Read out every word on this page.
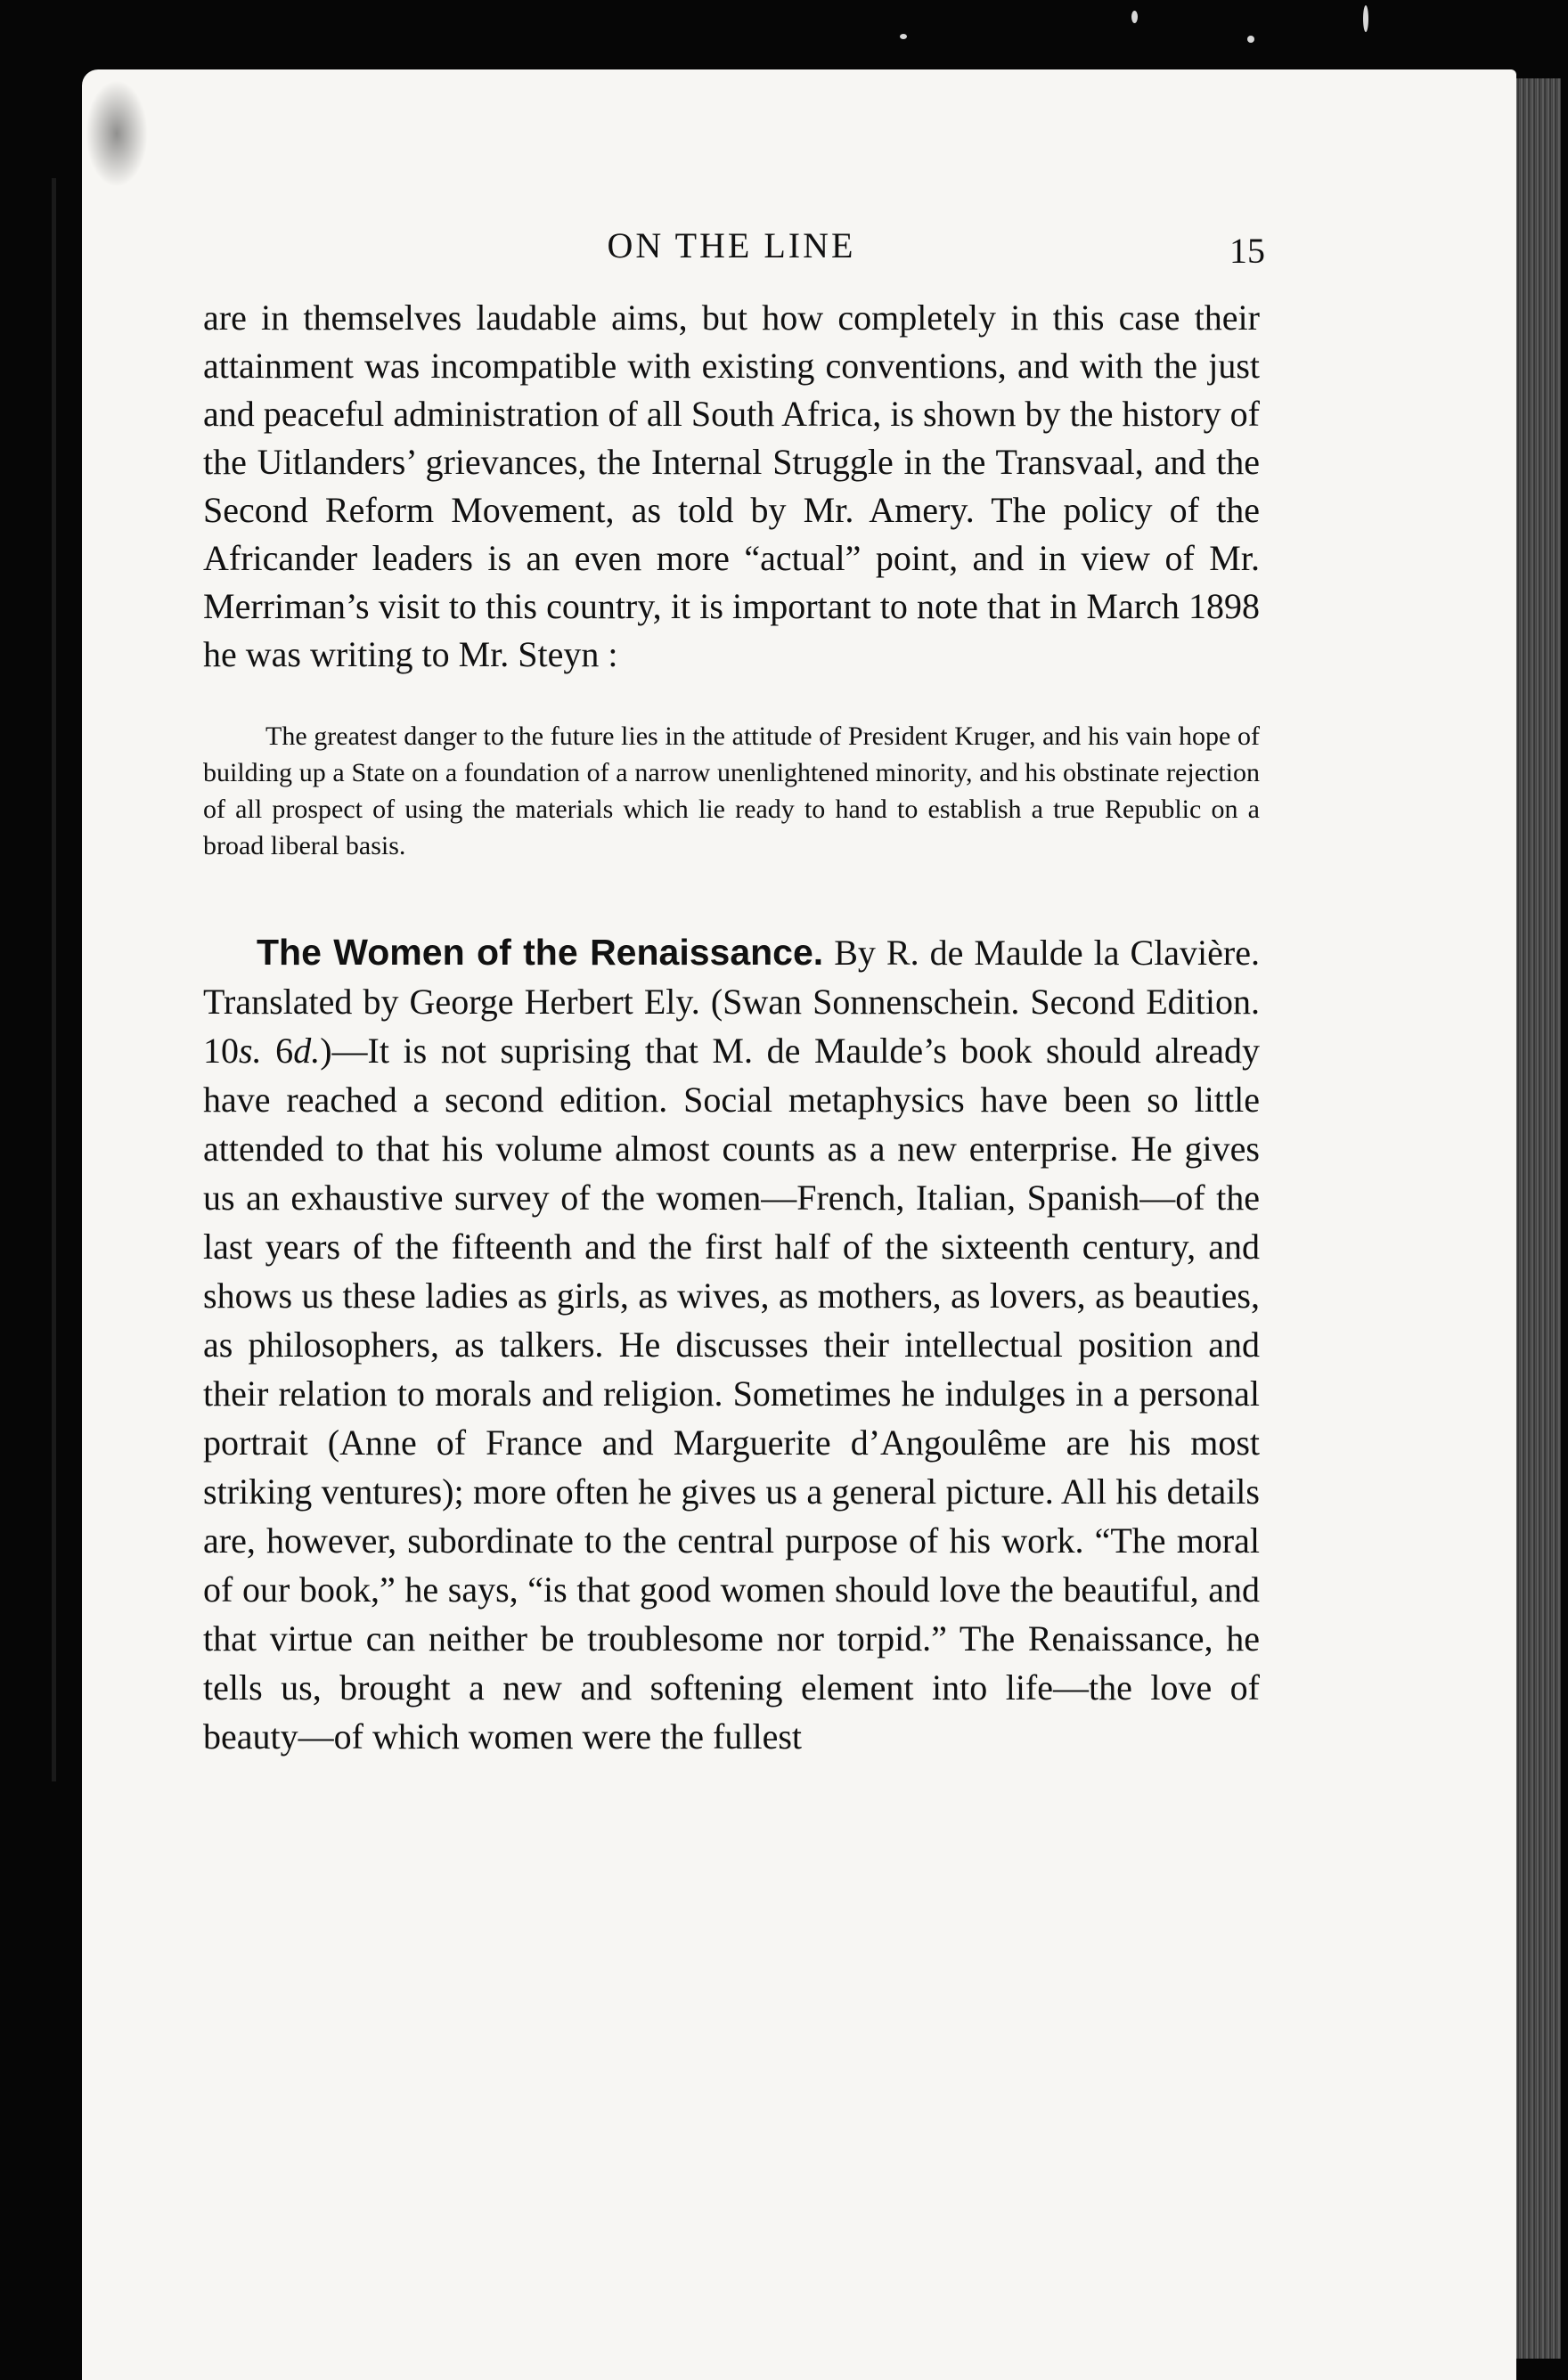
ON THE LINE	15

are in themselves laudable aims, but how completely in this case their attainment was incompatible with existing conventions, and with the just and peaceful administration of all South Africa, is shown by the history of the Uitlanders’ grievances, the Internal Struggle in the Transvaal, and the Second Reform Movement, as told by Mr. Amery. The policy of the Africander leaders is an even more “actual” point, and in view of Mr. Merriman’s visit to this country, it is important to note that in March 1898 he was writing to Mr. Steyn :

The greatest danger to the future lies in the attitude of President Kruger, and his vain hope of building up a State on a foundation of a narrow unenlightened minority, and his obstinate rejection of all prospect of using the materials which lie ready to hand to establish a true Republic on a broad liberal basis.

The Women of the Renaissance. By R. de Maulde la Clavière. Translated by George Herbert Ely. (Swan Sonnenschein. Second Edition. 10s. 6d.)—It is not suprising that M. de Maulde’s book should already have reached a second edition. Social metaphysics have been so little attended to that his volume almost counts as a new enterprise. He gives us an exhaustive survey of the women—French, Italian, Spanish—of the last years of the fifteenth and the first half of the sixteenth century, and shows us these ladies as girls, as wives, as mothers, as lovers, as beauties, as philosophers, as talkers. He discusses their intellectual position and their relation to morals and religion. Sometimes he indulges in a personal portrait (Anne of France and Marguerite d’Angoulême are his most striking ventures); more often he gives us a general picture. All his details are, however, subordinate to the central purpose of his work. “The moral of our book,” he says, “is that good women should love the beautiful, and that virtue can neither be troublesome nor torpid.” The Renaissance, he tells us, brought a new and softening element into life—the love of beauty—of which women were the fullest
